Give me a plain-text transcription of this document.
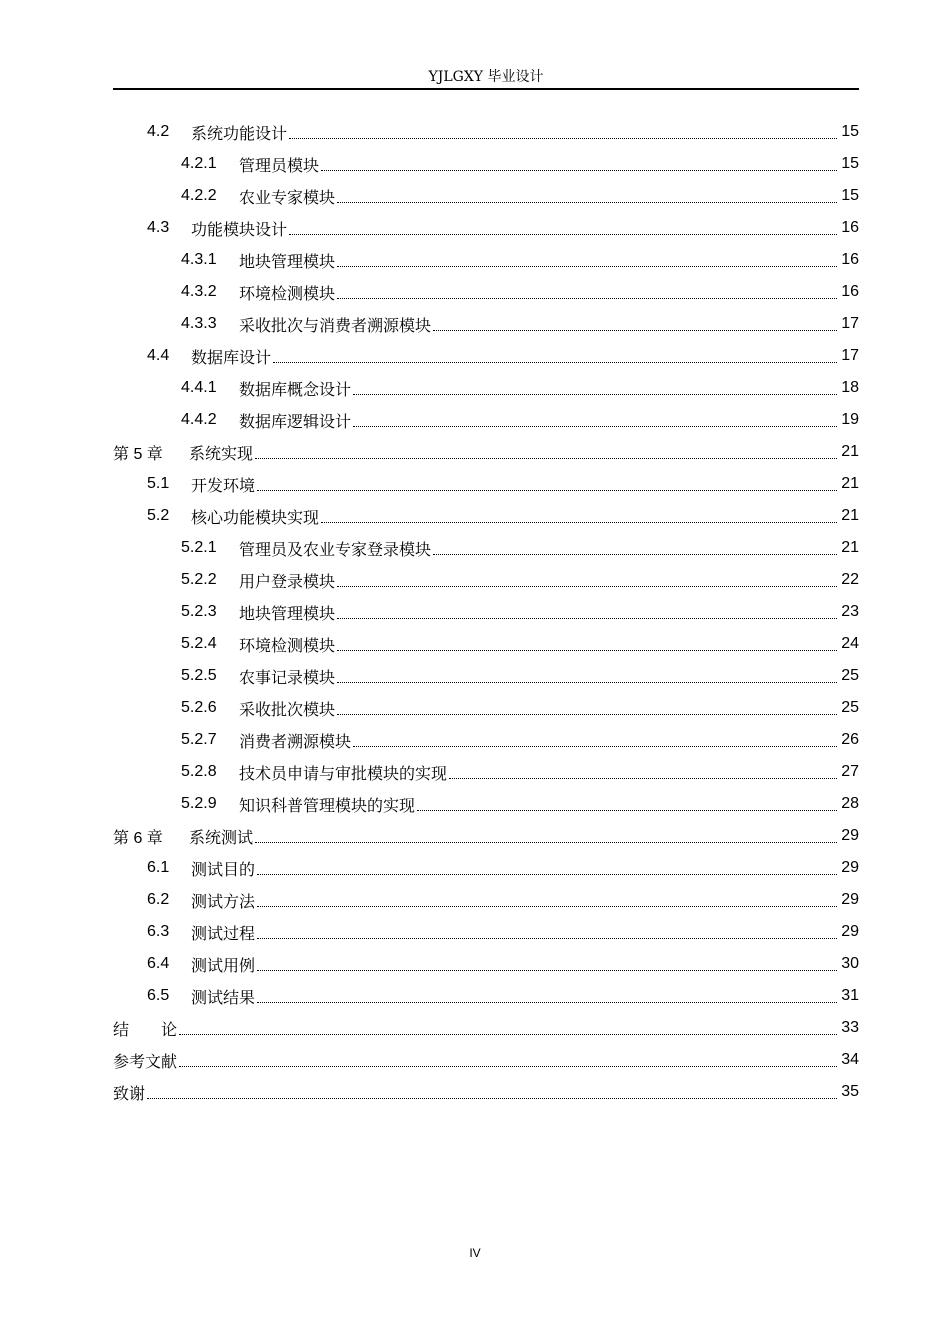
YJLGXY 毕业设计
4.2	系统功能设计	15
4.2.1	管理员模块	15
4.2.2	农业专家模块	15
4.3	功能模块设计	16
4.3.1	地块管理模块	16
4.3.2	环境检测模块	16
4.3.3	采收批次与消费者溯源模块	17
4.4	数据库设计	17
4.4.1	数据库概念设计	18
4.4.2	数据库逻辑设计	19
第 5 章	系统实现	21
5.1	开发环境	21
5.2	核心功能模块实现	21
5.2.1	管理员及农业专家登录模块	21
5.2.2	用户登录模块	22
5.2.3	地块管理模块	23
5.2.4	环境检测模块	24
5.2.5	农事记录模块	25
5.2.6	采收批次模块	25
5.2.7	消费者溯源模块	26
5.2.8	技术员申请与审批模块的实现	27
5.2.9	知识科普管理模块的实现	28
第 6 章	系统测试	29
6.1	测试目的	29
6.2	测试方法	29
6.3	测试过程	29
6.4	测试用例	30
6.5	测试结果	31
结　　论	33
参考文献	34
致谢	35
IV
